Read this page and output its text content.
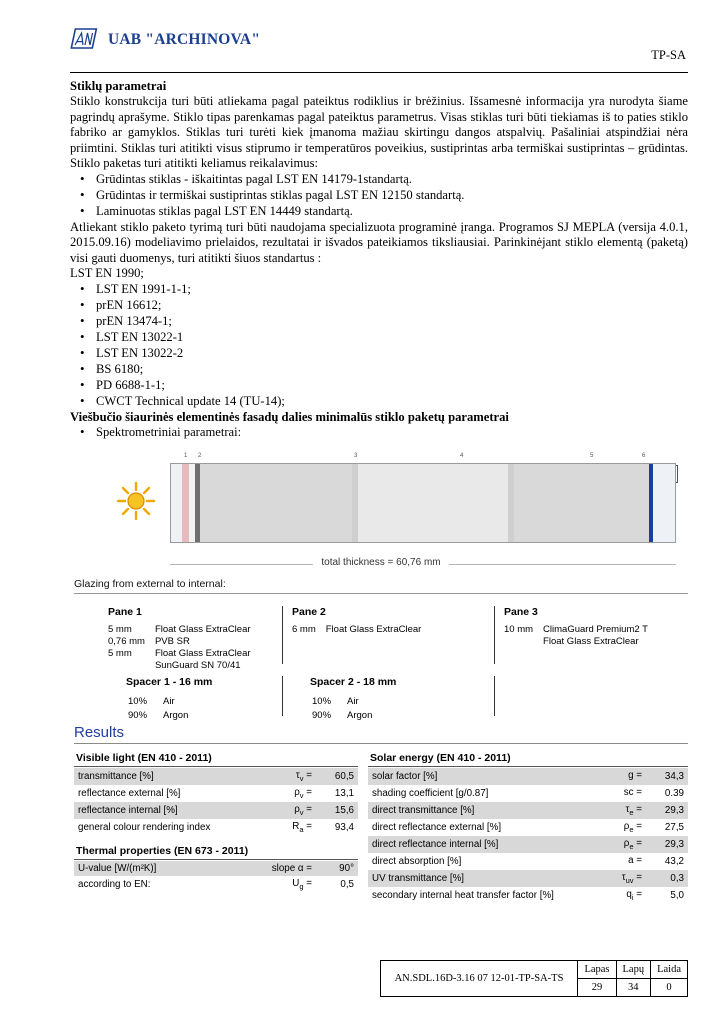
UAB "ARCHINOVA"
TP-SA

Stiklų parametrai

Stiklo konstrukcija turi būti atliekama pagal pateiktus rodiklius ir brėžinius. Išsamesnė informacija yra nurodyta šiame pagrindų aprašyme. Stiklo tipas parenkamas pagal pateiktus parametrus. Visas stiklas turi būti tiekiamas iš to paties stiklo fabriko ar gamyklos. Stiklas turi turėti kiek įmanoma mažiau skirtingu dangos atspalvių. Pašaliniai atspindžiai nėra priimtini. Stiklas turi atitikti visus stiprumo ir temperatūros poveikius, sustiprintas arba termiškai sustiprintas – grūdintas. Stiklo paketas turi atitikti keliamus reikalavimus:

• Grūdintas stiklas - iškaitintas pagal LST EN 14179-1standartą.
• Grūdintas ir termiškai sustiprintas stiklas pagal LST EN 12150 standartą.
• Laminuotas stiklas pagal LST EN 14449 standartą.

Atliekant stiklo paketo tyrimą turi būti naudojama specializuota programinė įranga. Programos SJ MEPLA (versija 4.0.1, 2015.09.16) modeliavimo prielaidos, rezultatai ir išvados pateikiamos tiksliausiai. Parinkinėjant stiklo elementą (paketą) visi gauti duomenys, turi atitikti šiuos standartus :

LST EN 1990;

• LST EN 1991-1-1;
• prEN 16612;
• prEN 13474-1;
• LST EN 13022-1
• LST EN 13022-2
• BS 6180;
• PD 6688-1-1;
• CWCT Technical update 14 (TU-14);

Viešbučio šiaurinės elementinės fasadų dalies minimalūs stiklo paketų parametrai

• Spektrometriniai parametrai:
1 2	3	4	5	6
total thickness = 60,76 mm
Glazing from external to internal:
Pane 1
5 mm	Float Glass ExtraClear
0,76 mm	PVB SR
5 mm	Float Glass ExtraClear
	SunGuard SN 70/41
Pane 2
6 mm	Float Glass ExtraClear
Pane 3
10 mm	ClimaGuard Premium2 T
	Float Glass ExtraClear
Spacer 1 - 16 mm
10%	Air
90%	Argon
Spacer 2 - 18 mm
10%	Air
90%	Argon
Results
Visible light (EN 410 - 2011)
transmittance [%]	$\tau_v$ =	60,5
reflectance external [%]	$\rho_v$ =	13,1
reflectance internal [%]	$\rho_v$ =	15,6
general colour rendering index	$R_a$ =	93,4
Thermal properties (EN 673 - 2011)
U-value [W/(m²K)]	slope α =	90°
according to EN:	$U_g$ =	0,5
Solar energy (EN 410 - 2011)
solar factor [%]	g =	34,3
shading coefficient [g/0.87]	sc =	0.39
direct transmittance [%]	$\tau_e$ =	29,3
direct reflectance external [%]	$\rho_e$ =	27,5
direct reflectance internal [%]	$\rho_e$ =	29,3
direct absorption [%]	a =	43,2
UV transmittance [%]	$\tau_{uv}$ =	0,3
secondary internal heat transfer factor [%]	$q_i$ =	5,0
AN.SDL.16D-3.16 07 12-01-TP-SA-TS	Lapas	Lapų	Laida
	29	34	0
